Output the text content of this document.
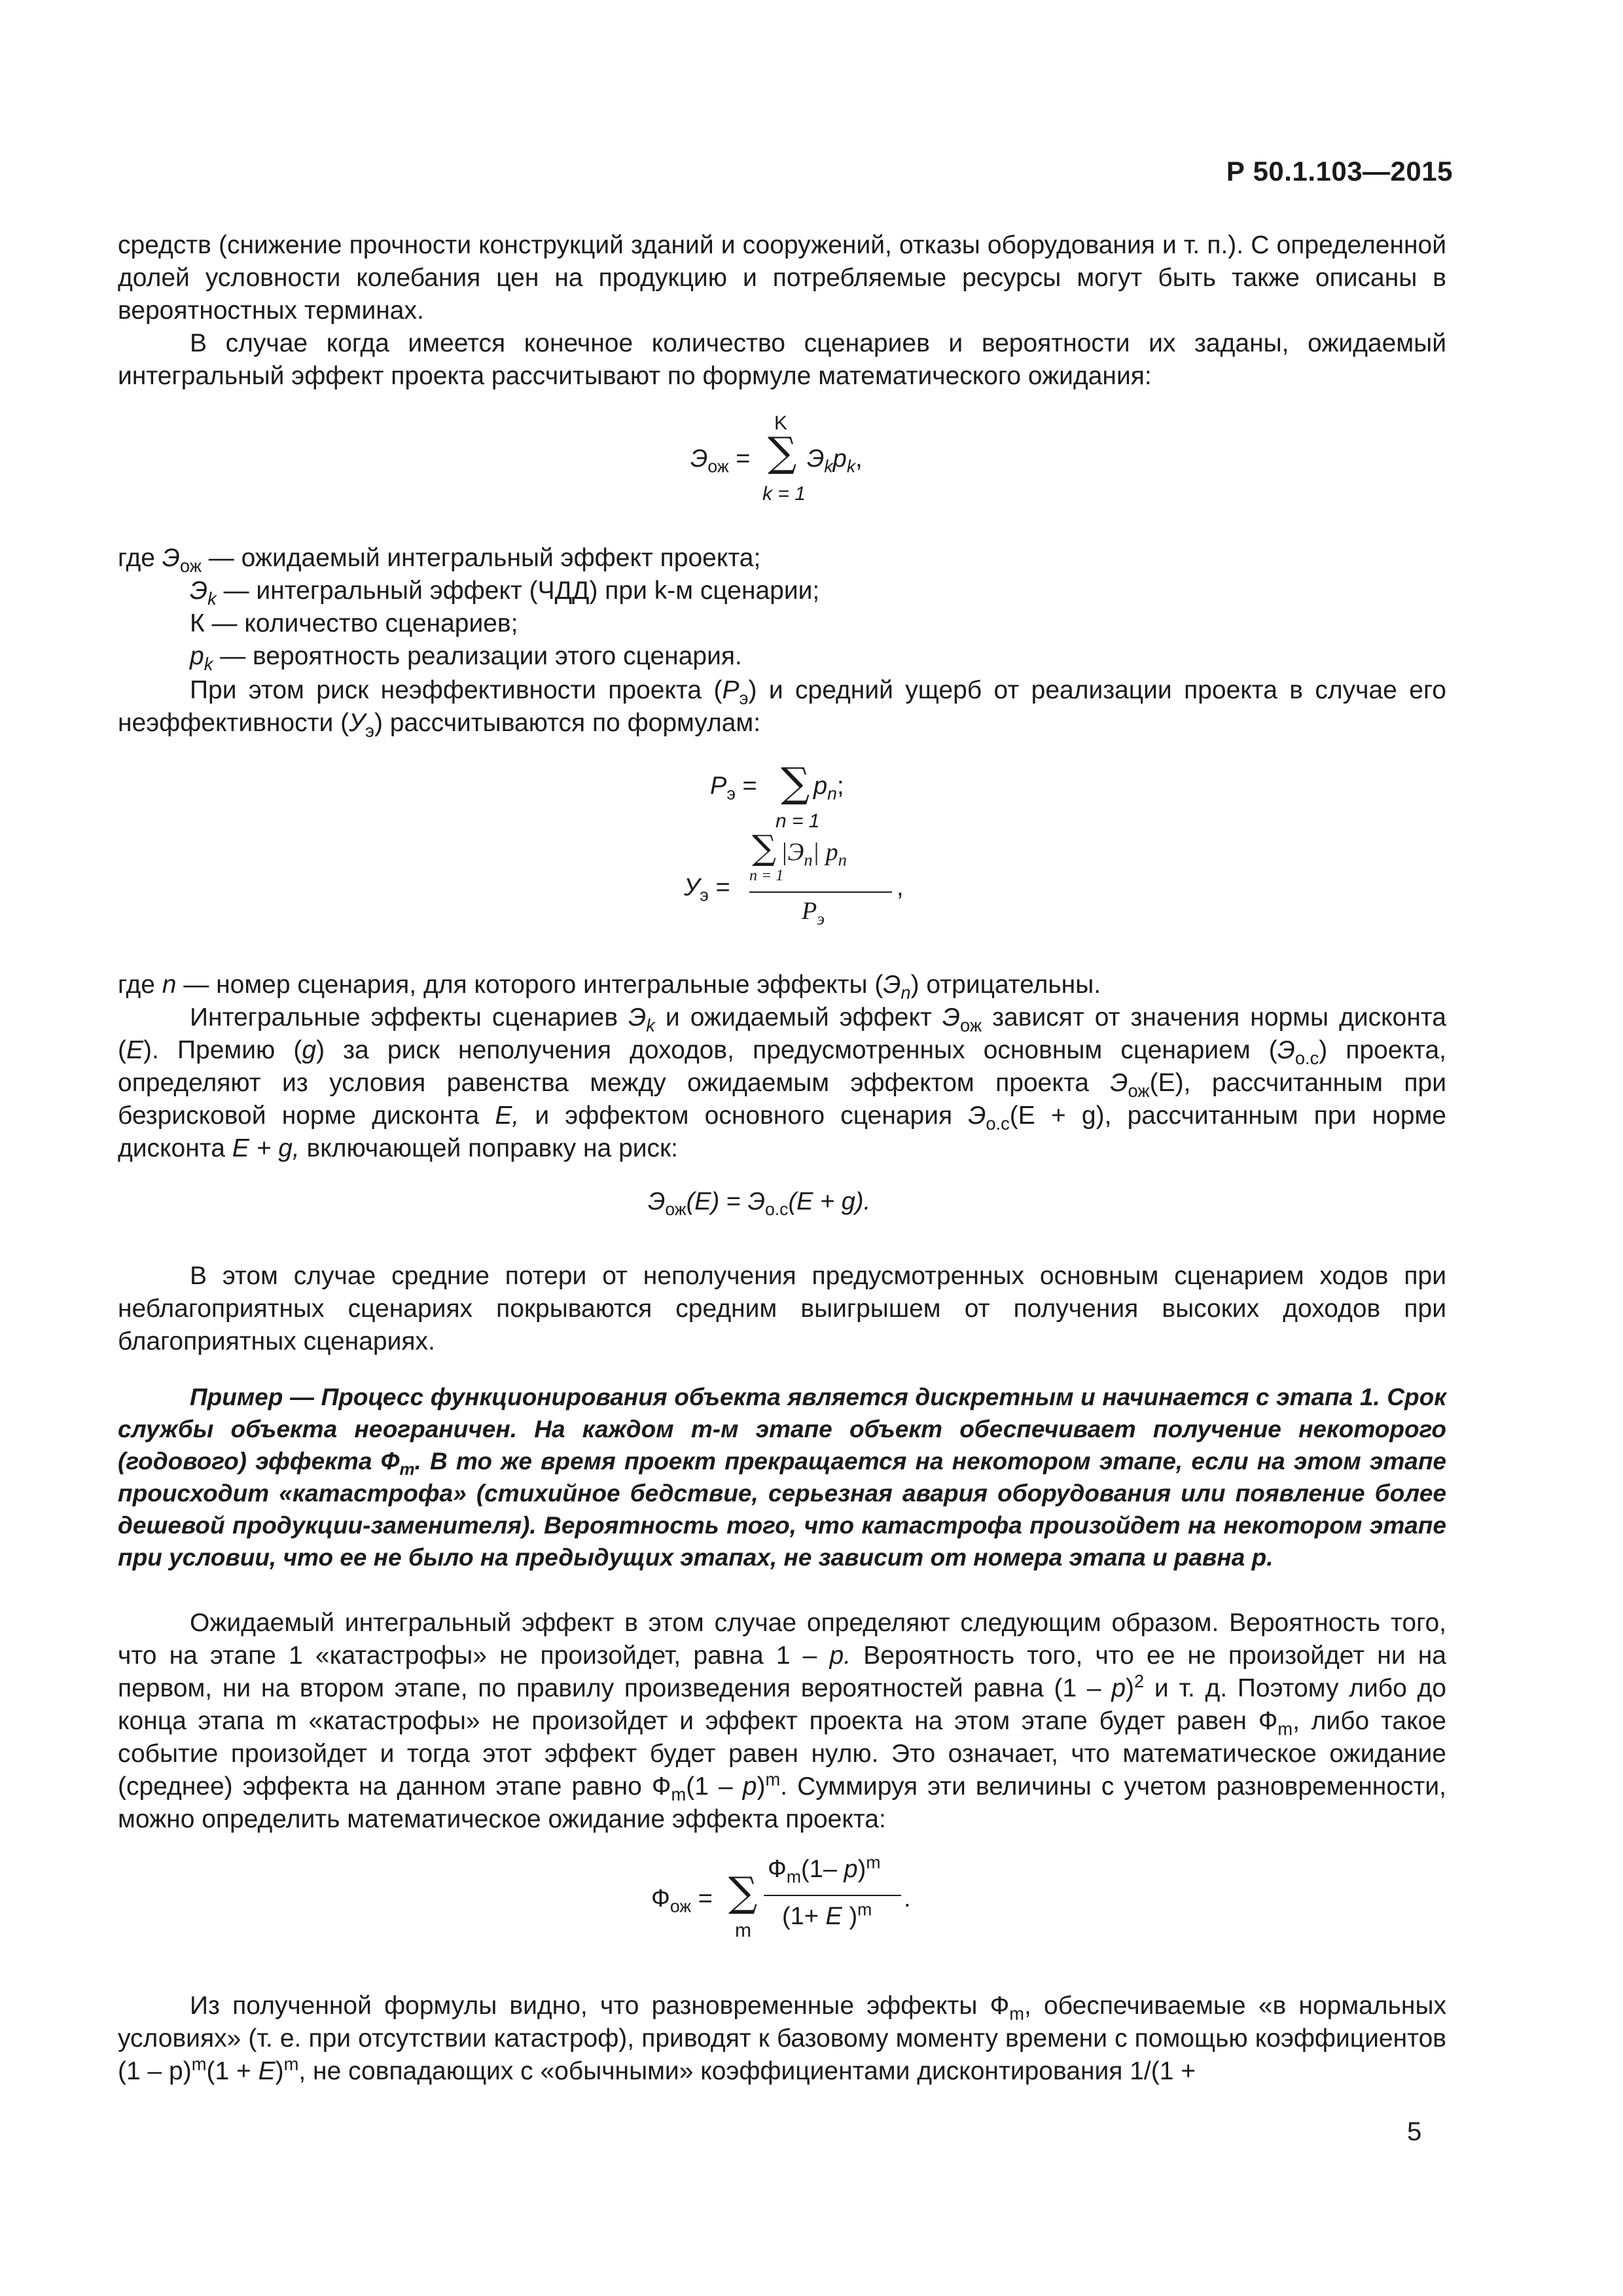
Р 50.1.103—2015

средств (снижение прочности конструкций зданий и сооружений, отказы оборудования и т. п.). С определенной долей условности колебания цен на продукцию и потребляемые ресурсы могут быть также описаны в вероятностных терминах.

В случае когда имеется конечное количество сценариев и вероятности их заданы, ожидаемый интегральный эффект проекта рассчитывают по формуле математического ожидания:

$Э_{ож}$ =
K
∑ $Э_kp_k$,
k = 1
где $Э_{ож}$ — ожидаемый интегральный эффект проекта;
$Э_k$ — интегральный эффект (ЧДД) при k-м сценарии;
К — количество сценариев;
$p_k$ — вероятность реализации этого сценария.

При этом риск неэффективности проекта $(P_э)$ и средний ущерб от реализации проекта в случае его неэффективности $(У_э)$ рассчитываются по формулам:

$P_э$ = ∑ $p_n$;
n = 1
$У_э$ =
∑ $|Э_n|$ $p_n$
n = 1
$P_э$
,

где n — номер сценария, для которого интегральные эффекты $(Э_n)$ отрицательны.

Интегральные эффекты сценариев $Э_k$ и ожидаемый эффект $Э_{ож}$ зависят от значения нормы дисконта (E). Премию (g) за риск неполучения доходов, предусмотренных основным сценарием $(Э_{о.с})$ проекта, определяют из условия равенства между ожидаемым эффектом проекта $Э_{ож}(E)$, рассчитанным при безрисковой норме дисконта E, и эффектом основного сценария $Э_{о.с}(E + g)$, рассчитанным при норме дисконта E + g, включающей поправку на риск:

$Э_{ож}(E) = Э_{о.с}(E + g)$.

В этом случае средние потери от неполучения предусмотренных основным сценарием ходов при неблагоприятных сценариях покрываются средним выигрышем от получения высоких доходов при благоприятных сценариях.

Пример — Процесс функционирования объекта является дискретным и начинается с этапа 1. Срок службы объекта неограничен. На каждом m-м этапе объект обеспечивает получение некоторого (годового) эффекта $Ф_m$. В то же время проект прекращается на некотором этапе, если на этом этапе происходит «катастрофа» (стихийное бедствие, серьезная авария оборудования или появление более дешевой продукции-заменителя). Вероятность того, что катастрофа произойдет на некотором этапе при условии, что ее не было на предыдущих этапах, не зависит от номера этапа и равна p.

Ожидаемый интегральный эффект в этом случае определяют следующим образом. Вероятность того, что на этапе 1 «катастрофы» не произойдет, равна 1 – p. Вероятность того, что ее не произойдет ни на первом, ни на втором этапе, по правилу произведения вероятностей равна (1 – p)$^2$ и т. д. Поэтому либо до конца этапа m «катастрофы» не произойдет и эффект проекта на этом этапе будет равен $Ф_m$, либо такое событие произойдет и тогда этот эффект будет равен нулю. Это означает, что математическое ожидание (среднее) эффекта на данном этапе равно $Ф_m(1 - p)^m$. Суммируя эти величины с учетом разновременности, можно определить математическое ожидание эффекта проекта:

$Ф_{ож}$ = ∑
m
$Ф_m(1-$ p)$^m$
(1+ E )$^m$ .

Из полученной формулы видно, что разновременные эффекты $Ф_m$, обеспечиваемые «в нормальных условиях» (т. е. при отсутствии катастроф), приводят к базовому моменту времени с помощью коэффициентов $(1 - p)^m(1 + E)^m$, не совпадающих с «обычными» коэффициентами дисконтирования 1/(1 +

5
